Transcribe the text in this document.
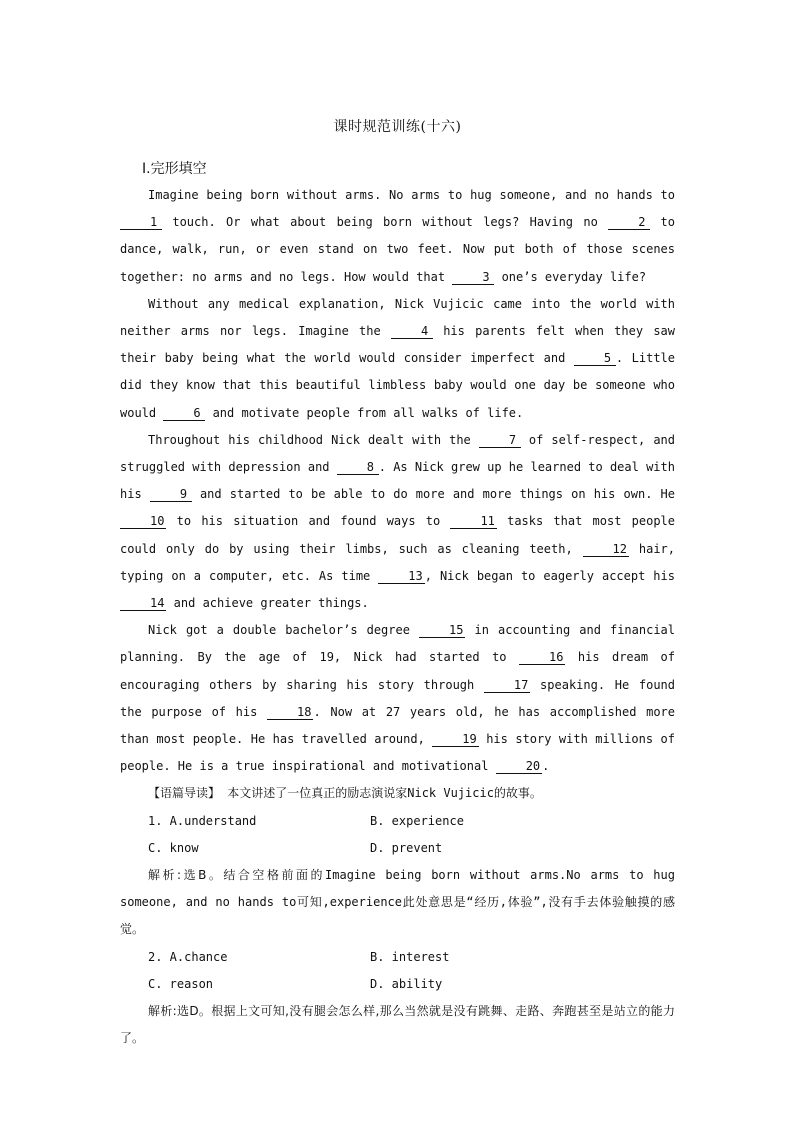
课时规范训练(十六)
Ⅰ.完形填空

Imagine being born without arms. No arms to hug someone, and no hands to 1 touch. Or what about being born without legs? Having no	2 to dance, walk, run, or even stand on two feet. Now put both of those scenes together: no arms and no legs. How would that	3 one’s everyday life?

Without any medical explanation, Nick Vujicic came into the world with neither arms nor legs. Imagine the	4 his parents felt when they saw their baby being what the world would consider imperfect and	5 . Little did they know that this beautiful limbless baby would one day be someone who would	6 and motivate people from all walks of life.

Throughout his childhood Nick dealt with the	7 of self-respect, and struggled with depression and	8 . As Nick grew up he learned to deal with his	9 and started to be able to do more and more things on his own. He 10 to his situation and found ways to	11 tasks that most people could only do by using their limbs, such as cleaning teeth,	12 hair, typing on a computer, etc. As time	13 , Nick began to eagerly accept his 14 and achieve greater things.

Nick got a double bachelor’s degree	15 in accounting and financial planning. By the age of 19, Nick had started to	16 his dream of encouraging others by sharing his story through	17 speaking. He found the purpose of his	18 . Now at 27 years old, he has accomplished more than most people. He has travelled around,	19 his story with millions of people. He is a true inspirational and motivational	20 .

【语篇导读】 本文讲述了一位真正的励志演说家Nick Vujicic的故事。

1. A.understand	B. experience
C. know	D. prevent

解析:选B。结合空格前面的Imagine being born without arms.No arms to hug someone, and no hands to可知,experience此处意思是“经历,体验”,没有手去体验触摸的感觉。

2. A.chance	B. interest
C. reason	D. ability

解析:选D。根据上文可知,没有腿会怎么样,那么当然就是没有跳舞、走路、奔跑甚至是站立的能力了。
